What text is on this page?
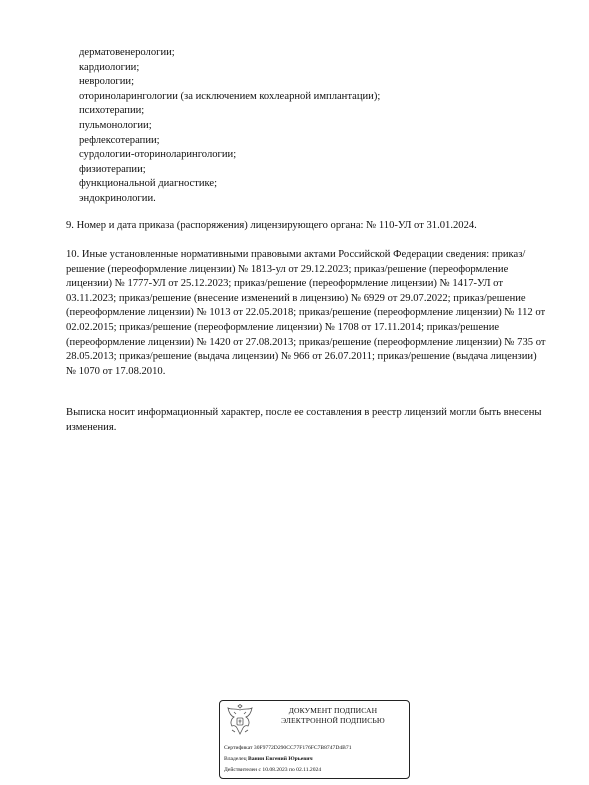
дерматовенерологии;
кардиологии;
неврологии;
оториноларингологии (за исключением кохлеарной имплантации);
психотерапии;
пульмонологии;
рефлексотерапии;
сурдологии-оториноларингологии;
физиотерапии;
функциональной диагностике;
эндокринологии.

9. Номер и дата приказа (распоряжения) лицензирующего органа: № 110-УЛ от 31.01.2024.

10. Иные установленные нормативными правовыми актами Российской Федерации сведения: приказ/решение (переоформление лицензии) № 1813-ул от 29.12.2023; приказ/решение (переоформление лицензии) № 1777-УЛ от 25.12.2023; приказ/решение (переоформление лицензии) № 1417-УЛ от 03.11.2023; приказ/решение (внесение изменений в лицензию) № 6929 от 29.07.2022; приказ/решение (переоформление лицензии) № 1013 от 22.05.2018; приказ/решение (переоформление лицензии) № 112 от 02.02.2015; приказ/решение (переоформление лицензии) № 1708 от 17.11.2014; приказ/решение (переоформление лицензии) № 1420 от 27.08.2013; приказ/решение (переоформление лицензии) № 735 от 28.05.2013; приказ/решение (выдача лицензии) № 966 от 26.07.2011; приказ/решение (выдача лицензии) № 1070 от 17.08.2010.

Выписка носит информационный характер, после ее составления в реестр лицензий могли быть внесены изменения.

ДОКУМЕНТ ПОДПИСАН
ЭЛЕКТРОННОЙ ПОДПИСЬЮ
Сертификат 30F9772D290CC77F176FC7B8747D4B71
Владелец Ванин Евгений Юрьевич
Действителен с 10.08.2023 по 02.11.2024
